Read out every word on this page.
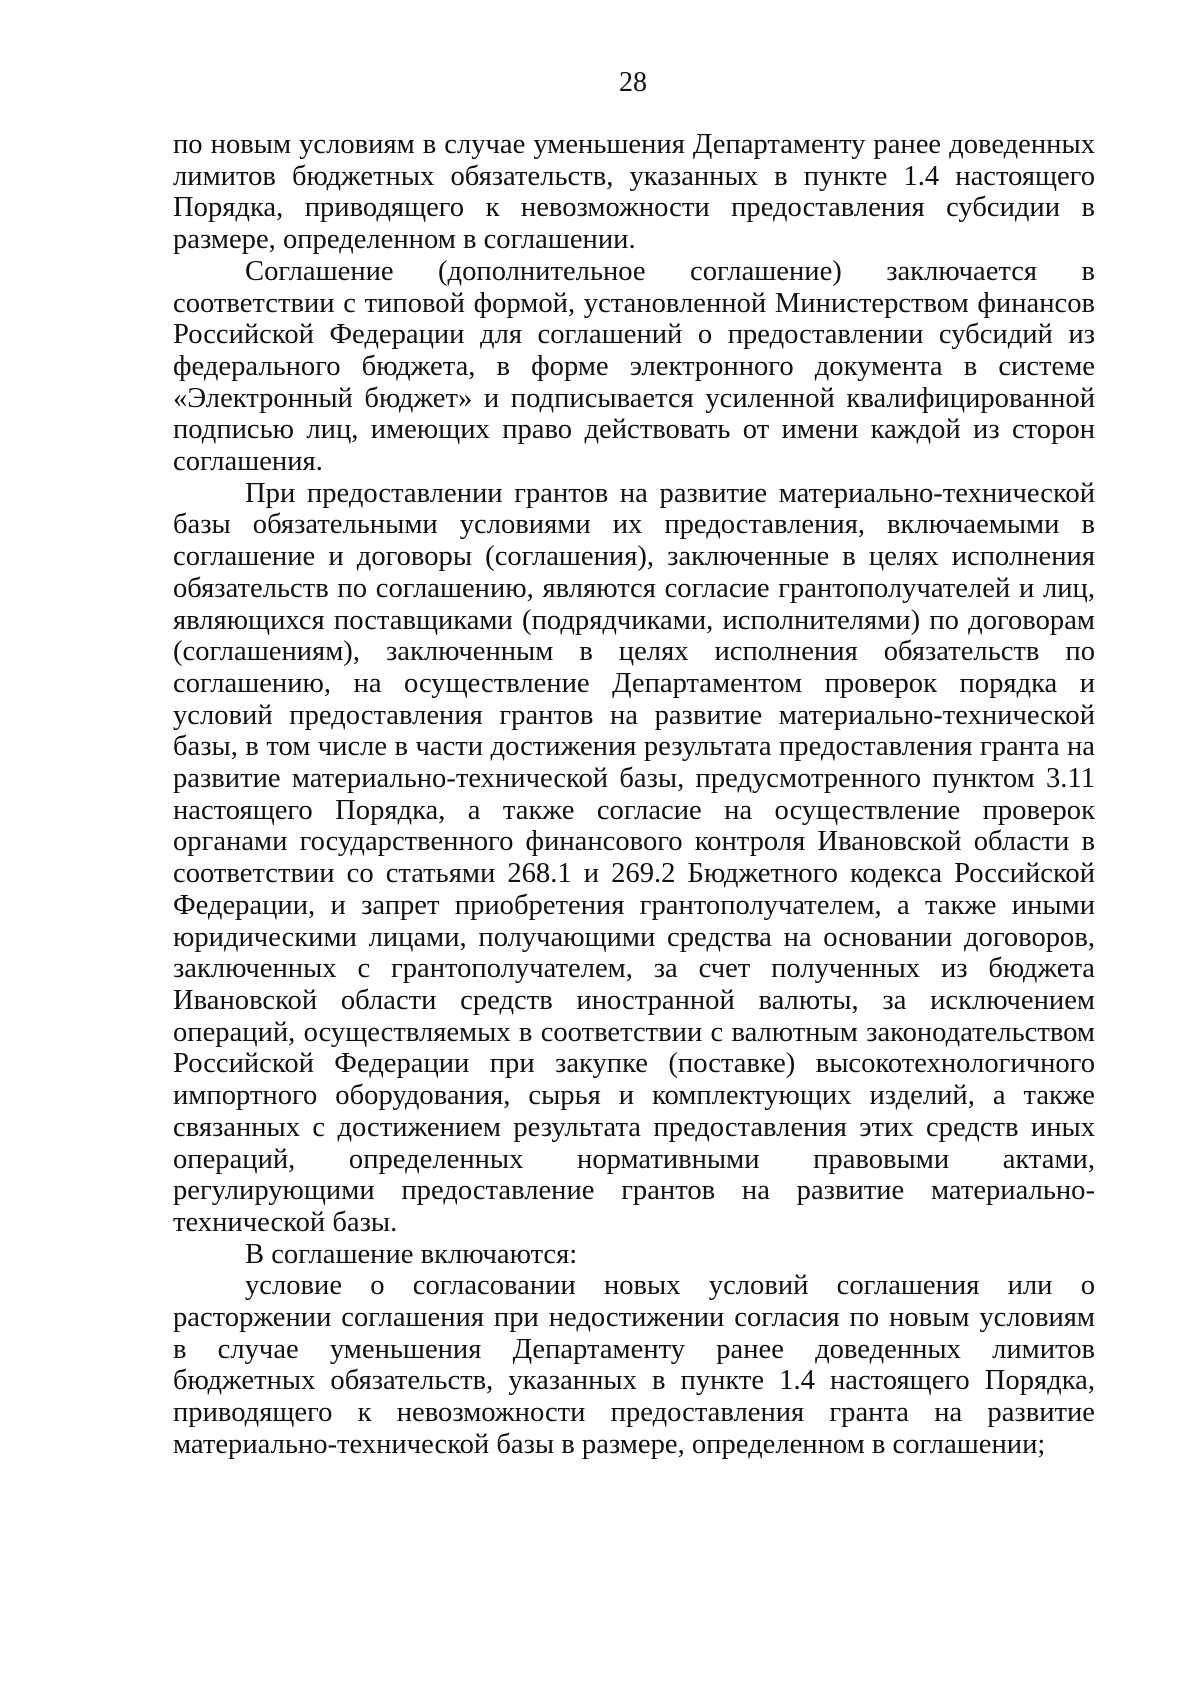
28

по новым условиям в случае уменьшения Департаменту ранее доведенных лимитов бюджетных обязательств, указанных в пункте 1.4 настоящего Порядка, приводящего к невозможности предоставления субсидии в размере, определенном в соглашении.

Соглашение (дополнительное соглашение) заключается в соответствии с типовой формой, установленной Министерством финансов Российской Федерации для соглашений о предоставлении субсидий из федерального бюджета, в форме электронного документа в системе «Электронный бюджет» и подписывается усиленной квалифицированной подписью лиц, имеющих право действовать от имени каждой из сторон соглашения.

При предоставлении грантов на развитие материально-технической базы обязательными условиями их предоставления, включаемыми в соглашение и договоры (соглашения), заключенные в целях исполнения обязательств по соглашению, являются согласие грантополучателей и лиц, являющихся поставщиками (подрядчиками, исполнителями) по договорам (соглашениям), заключенным в целях исполнения обязательств по соглашению, на осуществление Департаментом проверок порядка и условий предоставления грантов на развитие материально-технической базы, в том числе в части достижения результата предоставления гранта на развитие материально-технической базы, предусмотренного пунктом 3.11 настоящего Порядка, а также согласие на осуществление проверок органами государственного финансового контроля Ивановской области в соответствии со статьями 268.1 и 269.2 Бюджетного кодекса Российской Федерации, и запрет приобретения грантополучателем, а также иными юридическими лицами, получающими средства на основании договоров, заключенных с грантополучателем, за счет полученных из бюджета Ивановской области средств иностранной валюты, за исключением операций, осуществляемых в соответствии с валютным законодательством Российской Федерации при закупке (поставке) высокотехнологичного импортного оборудования, сырья и комплектующих изделий, а также связанных с достижением результата предоставления этих средств иных операций, определенных нормативными правовыми актами, регулирующими предоставление грантов на развитие материально-технической базы.

В соглашение включаются:

условие о согласовании новых условий соглашения или о расторжении соглашения при недостижении согласия по новым условиям в случае уменьшения Департаменту ранее доведенных лимитов бюджетных обязательств, указанных в пункте 1.4 настоящего Порядка, приводящего к невозможности предоставления гранта на развитие материально-технической базы в размере, определенном в соглашении;
